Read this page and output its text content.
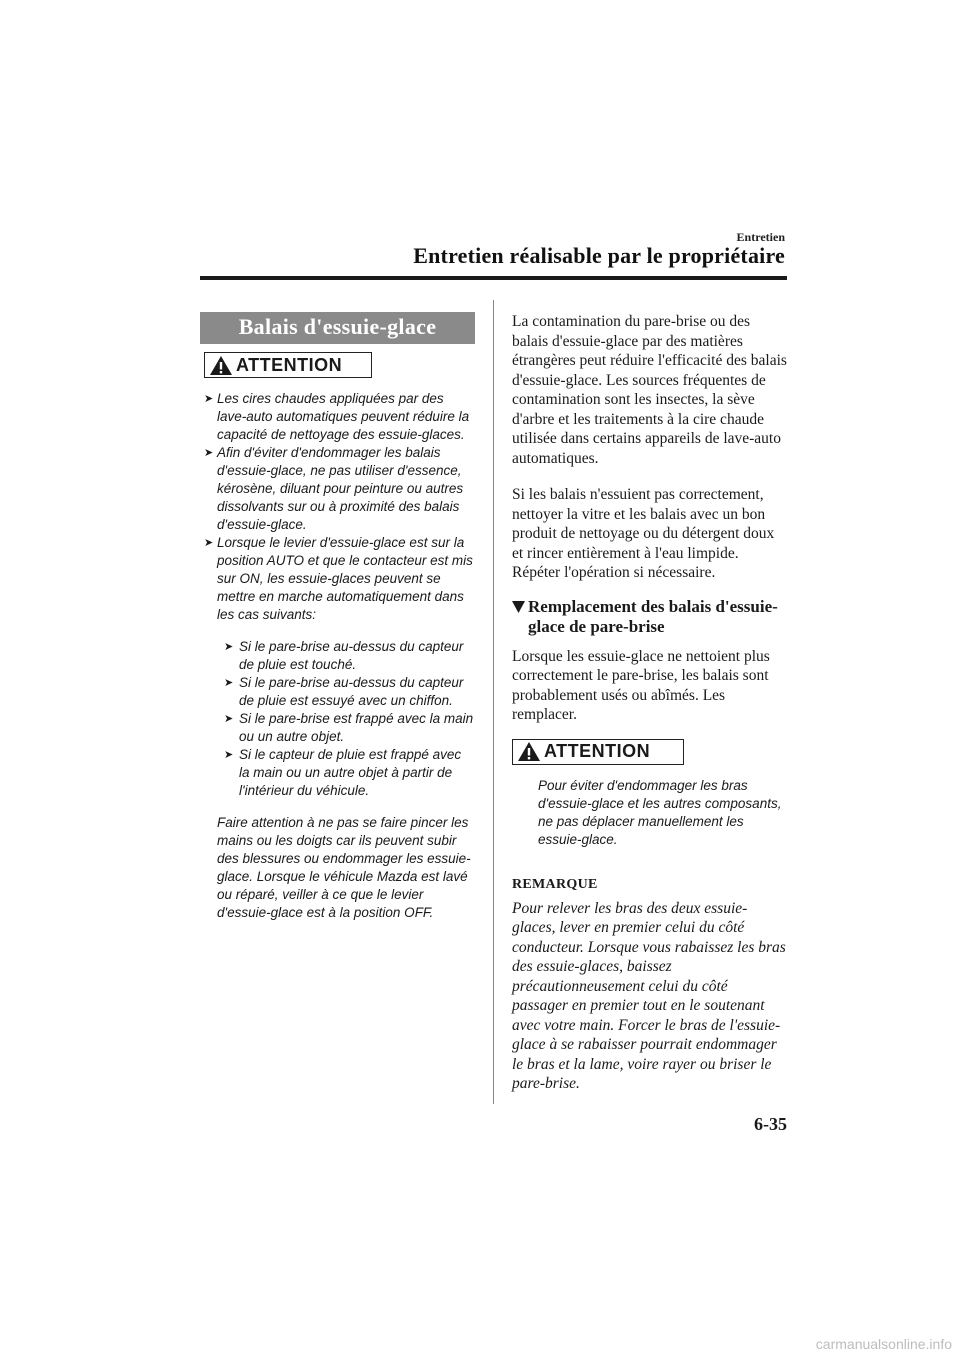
Entretien
Entretien réalisable par le propriétaire
Balais d'essuie-glace
ATTENTION
➤ Les cires chaudes appliquées par des lave-auto automatiques peuvent réduire la capacité de nettoyage des essuie-glaces.
➤ Afin d'éviter d'endommager les balais d'essuie-glace, ne pas utiliser d'essence, kérosène, diluant pour peinture ou autres dissolvants sur ou à proximité des balais d'essuie-glace.
➤ Lorsque le levier d'essuie-glace est sur la position AUTO et que le contacteur est mis sur ON, les essuie-glaces peuvent se mettre en marche automatiquement dans les cas suivants:
➤ Si le pare-brise au-dessus du capteur de pluie est touché.
➤ Si le pare-brise au-dessus du capteur de pluie est essuyé avec un chiffon.
➤ Si le pare-brise est frappé avec la main ou un autre objet.
➤ Si le capteur de pluie est frappé avec la main ou un autre objet à partir de l'intérieur du véhicule.

Faire attention à ne pas se faire pincer les mains ou les doigts car ils peuvent subir des blessures ou endommager les essuie-glace. Lorsque le véhicule Mazda est lavé ou réparé, veiller à ce que le levier d'essuie-glace est à la position OFF.

La contamination du pare-brise ou des balais d'essuie-glace par des matières étrangères peut réduire l'efficacité des balais d'essuie-glace. Les sources fréquentes de contamination sont les insectes, la sève d'arbre et les traitements à la cire chaude utilisée dans certains appareils de lave-auto automatiques.

Si les balais n'essuient pas correctement, nettoyer la vitre et les balais avec un bon produit de nettoyage ou du détergent doux et rincer entièrement à l'eau limpide. Répéter l'opération si nécessaire.

Remplacement des balais d'essuie-glace de pare-brise

Lorsque les essuie-glace ne nettoient plus correctement le pare-brise, les balais sont probablement usés ou abîmés. Les remplacer.

ATTENTION

Pour éviter d'endommager les bras d'essuie-glace et les autres composants, ne pas déplacer manuellement les essuie-glace.

REMARQUE

Pour relever les bras des deux essuie-glaces, lever en premier celui du côté conducteur. Lorsque vous rabaissez les bras des essuie-glaces, baissez précautionneusement celui du côté passager en premier tout en le soutenant avec votre main. Forcer le bras de l'essuie-glace à se rabaisser pourrait endommager le bras et la lame, voire rayer ou briser le pare-brise.

6-35
carmanualsonline.info
